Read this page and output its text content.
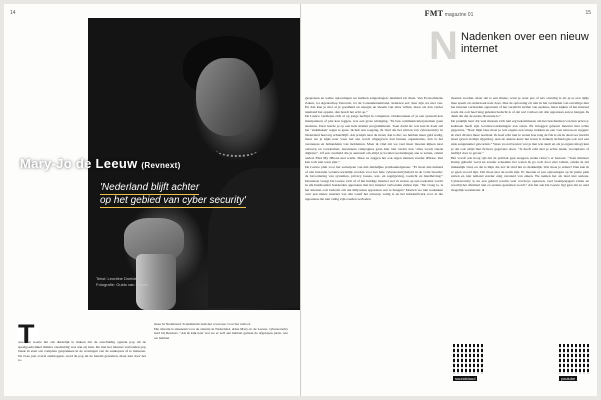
14
Tekst: Leontine Doelder
Fotografie: Guido van Nispen
Mary-Jo de Leeuw (Revnext)
'Nederland blijft achter
op het gebied van cyber security'
T
wee jaar kostte het om duidelijk te maken dat de onschuldig ogende pop uit de speelgoedwinkel minder onschuldig was dan zij leek. De met het internet verbonden pop bleek in staat om complete gesprekken in de woningen van de aankopers af te luisteren. Na twee jaar overal aankloppen, werd de pop uit de handel genomen, maar niet door het ro-
moer in Nederland. Scandinavië nam het voortouw voor het verbod.
Die situatie is tekenend voor de situatie in Nederland, aldus Mary-Jo de Leeuw, cybersecurity lead bij Revnext. “Als ik kijk naar wat we er zelf aan hebben gedaan de afgelopen jaren, wie we hebben
FMT magazine 01	15
N Nadenken over een nieuw internet
gesproken en welke oplossingen we hebben aangedragen: niemand zat thuis. Van Economische Zaken, tot Agentschap Telecom, tot de Consumentenbond. Iedereen zei: daar zijn we niet van. En dan kun je met al je goedheid en energie en ideeën van alles willen, maar als dan verder niemand het oppakt, dan houdt het echt op.”
De Leeuw verdiepte zich al op jonge leeftijd in computers. Onderzoeken of je een systeem kon manipuleren of plat kon leggen, was een grote uitdaging. “Ik ben communicatiesystemen gaan studeren. Daar leerde je op een hele manier programmeren. Toen dacht ik: wat kan ik doen om het ‘stukmaken’ tegen te gaan. Ik heb een toegang. Ik vind dat het niveau van cybersecurity in Nederland heel erg achterblijft. Als je kijkt naar de trend, dan is die: we hebben meer geld nodig, maar als je kijkt naar waar het aan wordt uitgegeven dan binnen organisaties, dan is het awareness en behandelen van incidenten. Maar ik vind dat we veel meer moeten kijken naar ontwerp en voorkomen. Awareness campagnes gaan hier niet verder dan ‘alles wordt steeds digitaler’. Of een overheid die je aanraadt om altijd je locatievoorzieningen aan te zetten, omdat anders Find My iPhone niet werkt. Maar ze zeggen het ook tegen mensen zonder iPhone. Dat kan toch niet waar zijn.”
De Leeuw pleit voor het aanwijzen van één duidelijke probleemeigenaar. “Er moet één iemand of één instantie verantwoordelijk worden voor het hele cybersecuritybeleid in de volle breedte: de bevordering van systemen, privacy issues, wet- en regelgeving, toezicht en handhaving.” Daarnaast vraagt De Leeuw zich af of het huidige internet wel in wezen op een toekomst wacht in elk huishouden honderden apparaten met het internet verbonden zullen zijn. “De vraag is, is het internet ooit bedacht om dat miljoenen apparaten aan te hangen? Moeten we niet nadenken over een nieuw internet wat dan vanaf het ontwerp veilig is en het initiatiefwerk voor al die apparaten die niet veilig zijn zouden verboden
moeten worden, maar dat is een illusie, want je weet pas of iets onveilig is als je er een tijdje mee speelt en onderzoek naar doet. Dus de oplossing zit niet in het verbieden van onveilige met het internet verbonden apparaten of het verplicht stellen van updates, maar kijken of het internet zoals dat ooit heel lang geleden bedacht is of dat wel voldoet om alle apparaten aan te hangen. Ik denk dat dat de eerste discussie is.”
De praktijk leert dat veel mensen zich niet erg bekommeren om het beschermen van hun privacy. Iedereen heeft zijn locatievoorzieningen aan staan. En inloggen gebeurt meestal met echte gegevens. “Naar mijn idee moet je wel ergens een streep trekken en een vast niveau en zeggen: ik vind dit niet meer normaal. Ik hoef echt niet te weten hoe lang de file is als ik daarvoor inzicht moet geven in mijn rijgedrag. Aan de andere kant: het leven is dankzij technologie ook wel een stuk aangenamer geworden.” Wees vooral bewust wat je met wie deelt en als je ergens inlogt kun je dat ook altijd met fictieve gegevens doen. “Je hoeft echt niet je echte naam, woonplaats of leeftijd door te geven.”
Het wordt ook hoog tijd dat de politiek gaat snappen welke risico’s er bestaan. “Toen minister Kamp gehackt werd en zonder schaamte het weten ik ga toch door met Gmail, omdat ik dat makkelijk vind, en dat is mijn dat zei: ik vind het zo makkelijk. Wat moet je ermee? Dan kan ik er geen woord zijn. Dat moet niet de norm zijn. Er moeten er pas oplossingen op de juiste plek zetten en niet iemand zonder enig verstand van zaken. We nemen het als land niet serieus. Cybersecurity is nu een gebied waarin veel cowboys opereren, veel beantjesjagers zitten en waarbij het allemaal niet zo serieus genomen wordt.” Als het aan De Leeuw ligt gaat dat zo snel mogelijk veranderen. ●
soundcloud	youtube
